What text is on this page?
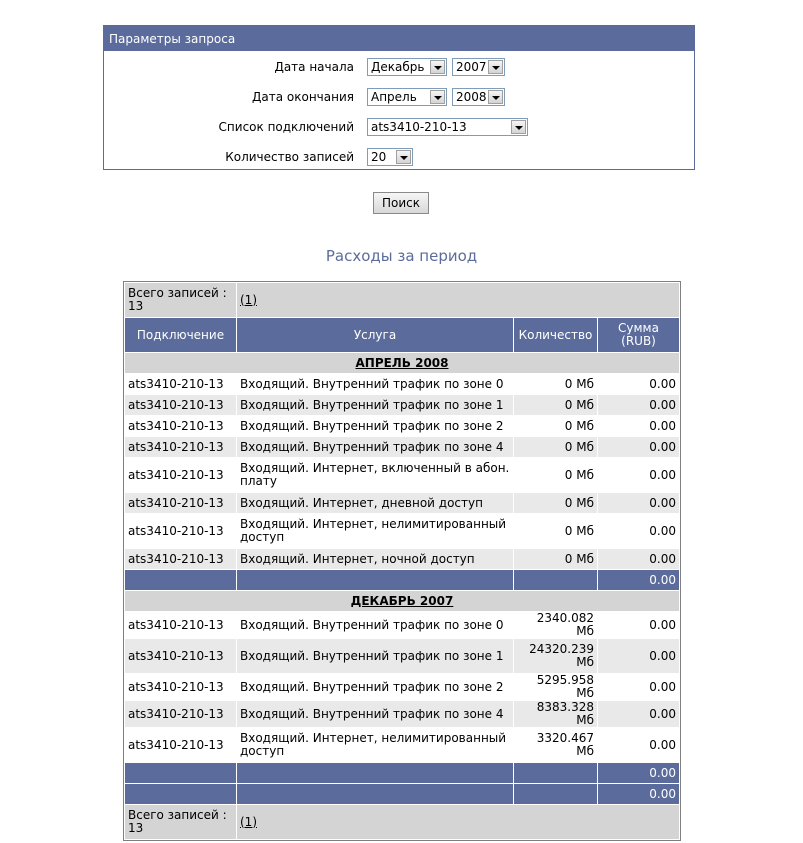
Параметры запроса
Дата начала Декабрь	2007
Дата окончания Апрель	2008
Список подключений ats3410-210-13
Количество записей 20
Поиск
Расходы за период
Всего записей : 13	(1)		
Подключение	Услуга	Количество	Сумма (RUB)
АПРЕЛЬ 2008			
ats3410-210-13	Входящий. Внутренний трафик по зоне 0	0 Мб	0.00
ats3410-210-13	Входящий. Внутренний трафик по зоне 1	0 Мб	0.00
ats3410-210-13	Входящий. Внутренний трафик по зоне 2	0 Мб	0.00
ats3410-210-13	Входящий. Внутренний трафик по зоне 4	0 Мб	0.00
ats3410-210-13	Входящий. Интернет, включенный в абон. плату	0 Мб	0.00
ats3410-210-13	Входящий. Интернет, дневной доступ	0 Мб	0.00
ats3410-210-13	Входящий. Интернет, нелимитированный доступ	0 Мб	0.00
ats3410-210-13	Входящий. Интернет, ночной доступ	0 Мб	0.00
			0.00
ДЕКАБРЬ 2007			
ats3410-210-13	Входящий. Внутренний трафик по зоне 0	2340.082 Мб	0.00
ats3410-210-13	Входящий. Внутренний трафик по зоне 1	24320.239 Мб	0.00
ats3410-210-13	Входящий. Внутренний трафик по зоне 2	5295.958 Мб	0.00
ats3410-210-13	Входящий. Внутренний трафик по зоне 4	8383.328 Мб	0.00
ats3410-210-13	Входящий. Интернет, нелимитированный доступ	3320.467 Мб	0.00
			0.00
			0.00
Всего записей : 13	(1)		
